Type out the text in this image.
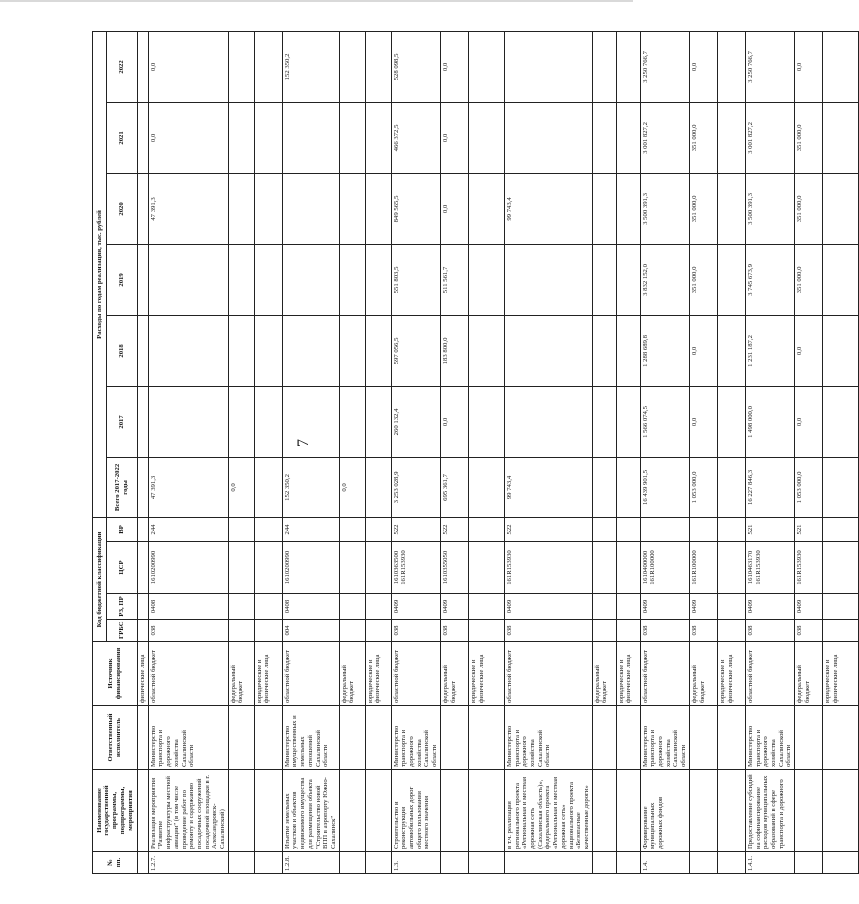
7
№ пп.	Наименование государственной программы, подпрограммы, мероприятия	Ответственный исполнитель	Источник финансирования	Код бюджетной классификации				Расходы по годам реализации, тыс. рублей						
				ГРБС	РЗ, ПР	ЦСР	ВР	Всего 2017-2022 годы	2017	2018	2019	2020	2021	2022
			физические лица											
1.2.7.	Реализация мероприятия "Развитие инфраструктуры местной авиации" (в том числе проведение работ по ремонту и содержанию посадочных сооружений посадочной площадки в г. Александровск-Сахалинский)	Министерство транспорта и дорожного хозяйства Сахалинской области	областной бюджет	038	0408	1610200990	244	47 391,3				47 391,3	0,0	0,0
			федеральный бюджет					0,0						
			юридические и физические лица											
1.2.8.	Изъятие земельных участков и объектов недвижимого имущества для размещения объекта "Строительство новой ВПП в аэропорту Южно-Сахалинск"	Министерство имущественных и земельных отношений Сахалинской области	областной бюджет	004	0408	1610200990	244	152 350,2						152 350,2
			федеральный бюджет					0,0						
			юридические и физические лица											
1.3.	Строительство и реконструкция автомобильных дорог общего пользования местного значения	Министерство транспорта и дорожного хозяйства Сахалинской области	областной бюджет	038	0409	1610363500 161R153930	522	3 253 028,9	260 132,4	597 056,5	551 803,5	849 565,5	466 372,5	528 098,5
			федеральный бюджет	038	0409	1610355050	522	695 361,7	0,0	183 800,0	511 561,7	0,0	0,0	0,0
			юридические и физические лица											
	в т.ч. реализация регионального проекта «Региональная и местная дорожная сеть (Сахалинская область)», федерального проекта «Региональная и местная дорожная сеть» национального проекта «Безопасные качественные дороги»	Министерство транспорта и дорожного хозяйства Сахалинской области	областной бюджет	038	0409	161R153930	522	99 743,4				99 743,4		
			федеральный бюджет											
			юридические и физические лица											
1.4.	Формирование муниципальных дорожных фондов	Министерство транспорта и дорожного хозяйства Сахалинской области	областной бюджет	038	0409	1610400000 161R100000		16 439 901,5	1 566 074,5	1 288 689,8	3 832 152,0	3 500 391,3	3 001 827,2	3 250 766,7
			федеральный бюджет	038	0409	161R100000		1 053 000,0	0,0	0,0	351 000,0	351 000,0	351 000,0	0,0
			юридические и физические лица											
1.4.1.	Предоставление субсидий на софинансирование расходов муниципальных образований в сфере транспорта и дорожного	Министерство транспорта и дорожного хозяйства Сахалинской области	областной бюджет	038	0409	1610463170 161R153930	521	16 227 846,3	1 498 000,0	1 231 187,2	3 745 673,9	3 500 391,3	3 001 827,2	3 250 766,7
			федеральный бюджет	038	0409	161R153930	521	1 053 000,0	0,0	0,0	351 000,0	351 000,0	351 000,0	0,0
			юридические и физические лица											
